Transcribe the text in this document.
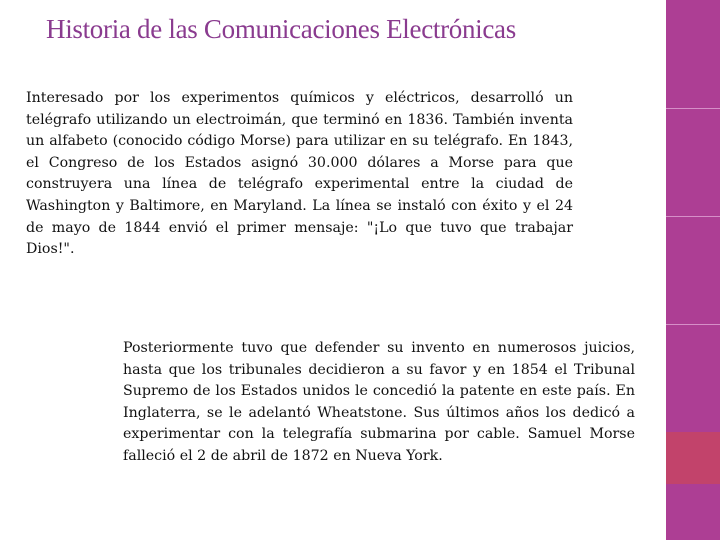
Historia de las Comunicaciones Electrónicas
Interesado por los experimentos químicos y eléctricos, desarrolló un telégrafo utilizando un electroimán, que terminó en 1836. También inventa un alfabeto (conocido código Morse) para utilizar en su telégrafo. En 1843, el Congreso de los Estados asignó 30.000 dólares a Morse para que construyera una línea de telégrafo experimental entre la ciudad de Washington y Baltimore, en Maryland. La línea se instaló con éxito y el 24 de mayo de 1844 envió el primer mensaje: "¡Lo que tuvo que trabajar Dios!".
Posteriormente tuvo que defender su invento en numerosos juicios, hasta que los tribunales decidieron a su favor y en 1854 el Tribunal Supremo de los Estados unidos le concedió la patente en este país. En Inglaterra, se le adelantó Wheatstone. Sus últimos años los dedicó a experimentar con la telegrafía submarina por cable. Samuel Morse falleció el 2 de abril de 1872 en Nueva York.
